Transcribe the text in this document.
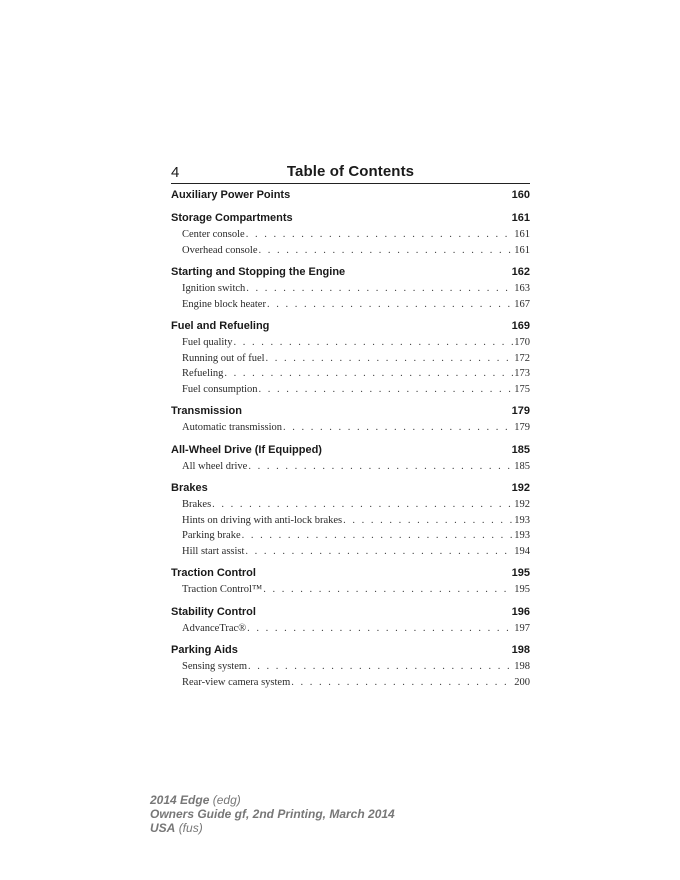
4	Table of Contents
Auxiliary Power Points	160
Storage Compartments	161
Center console . . .	161
Overhead console . . .	161
Starting and Stopping the Engine	162
Ignition switch . . .	163
Engine block heater . . .	167
Fuel and Refueling	169
Fuel quality . . .	170
Running out of fuel . . .	172
Refueling . . .	173
Fuel consumption . . .	175
Transmission	179
Automatic transmission . . .	179
All-Wheel Drive (If Equipped)	185
All wheel drive . . .	185
Brakes	192
Brakes . . .	192
Hints on driving with anti-lock brakes . . .	193
Parking brake . . .	193
Hill start assist . . .	194
Traction Control	195
Traction Control™ . . .	195
Stability Control	196
AdvanceTrac® . . .	197
Parking Aids	198
Sensing system . . .	198
Rear-view camera system . . .	200
2014 Edge (edg)
Owners Guide gf, 2nd Printing, March 2014
USA (fus)
